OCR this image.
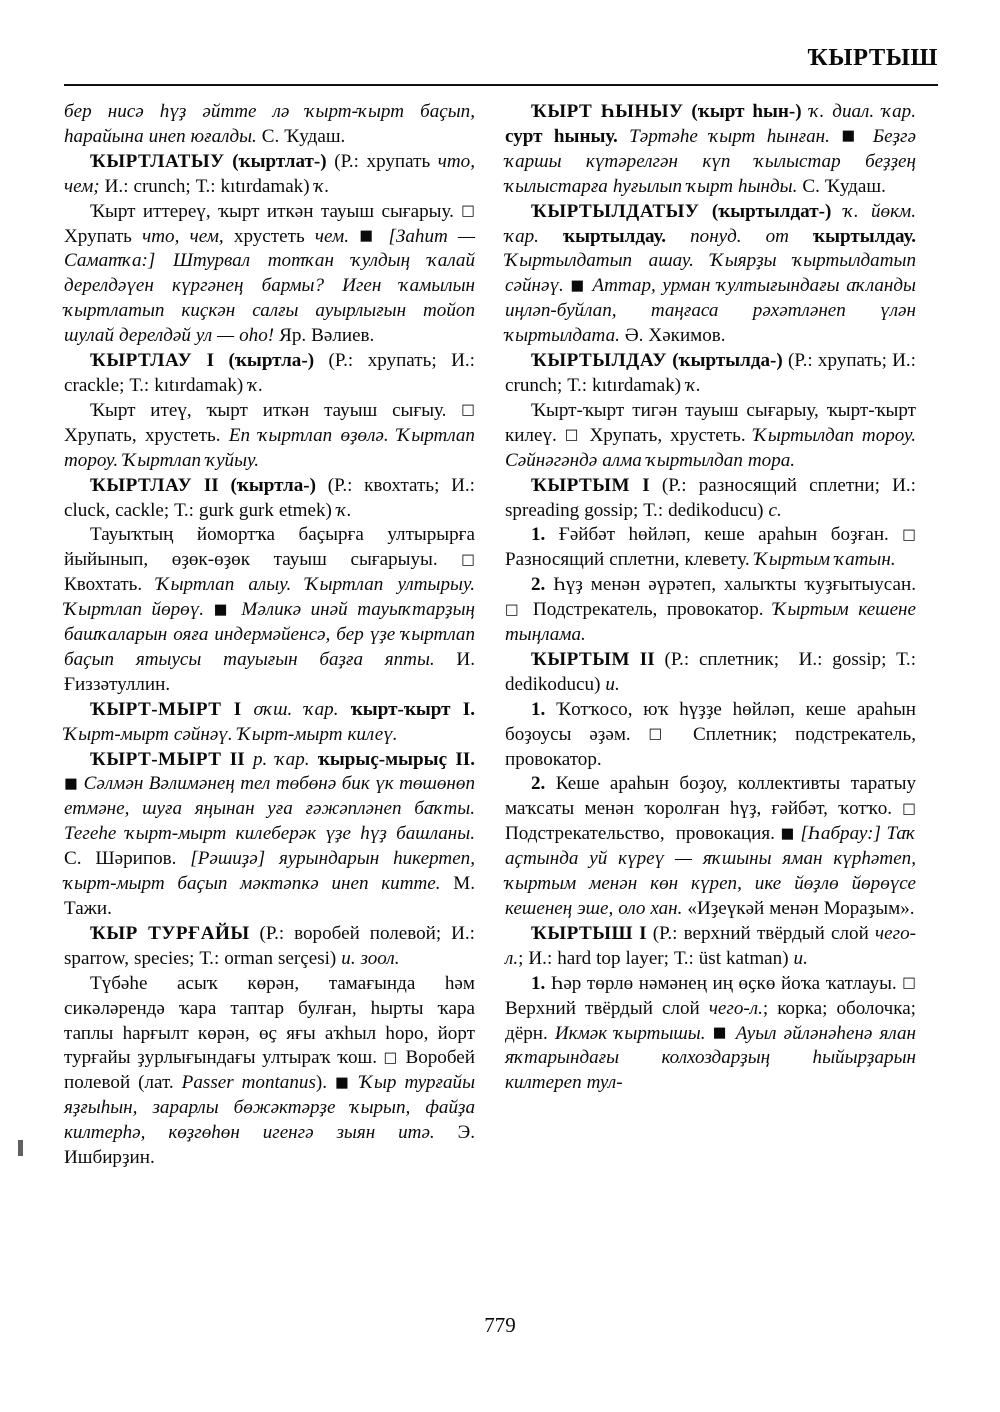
ҠЫРТЫШ

бер нисә һүҙ әйтте лә ҡырт-ҡырт баҫып, һарайына инеп юғалды. С. Ҡудаш.

ҠЫРТЛАТЫУ (ҡыртлат-) (Р.: хрупать что, чем; И.: crunch; Т.: kıtırdamak) ҡ.

Ҡырт иттереү, ҡырт иткән тауыш сығарыу. □ Хрупать что, чем, хрустеть чем. ■ [Заһит — Саматҡа:] Штурвал тотҡан ҡулдың ҡалай дерелдәүен күргәнең бармы? Иген ҡамылын ҡыртлатып киҫкән салғы ауырлығын тойоп шулай дерелдәй ул — оһо! Яр. Вәлиев.

ҠЫРТЛАУ I (ҡыртла-) (Р.: хрупать; И.: crackle; Т.: kıtırdamak) ҡ.

Ҡырт итеү, ҡырт иткән тауыш сығыу. □ Хрупать, хрустеть. Еп ҡыртлап өҙөлә. Ҡыртлап тороу. Ҡыртлап ҡуйыу.

ҠЫРТЛАУ II (ҡыртла-) (Р.: квохтать; И.: cluck, cackle; Т.: gurk gurk etmek) ҡ.

Тауыҡтың йомортҡа баҫырға ултырырға йыйынып, өҙөк-өҙөк тауыш сығарыуы. □ Квохтать. Ҡыртлап алыу. Ҡыртлап ултырыу. Ҡыртлап йөрөү. ■ Мәликә инәй тауыҡтарҙың башҡаларын ояға индермәйенсә, бер үҙе ҡыртлап баҫып ятыусы тауығын баҙға япты. И. Ғиззәтуллин.

ҠЫРТ-МЫРТ I оҡш. ҡар. ҡырт-ҡырт I. Ҡырт-мырт сәйнәү. Ҡырт-мырт килеү.

ҠЫРТ-МЫРТ II р. ҡар. ҡырыҫ-мырыҫ II. ■ Сәлмән Вәлимәнең тел төбөнә бик үк төшөнөп етмәне, шуға яңынан уға ғәжәпләнеп баҡты. Тегеһе ҡырт-мырт килеберәк үҙе һүҙ башланы. С. Шәрипов. [Рәшиҙә] яурындарын һикертеп, ҡырт-мырт баҫып мәктәпкә инеп китте. М. Тажи.

ҠЫР ТУРҒАЙЫ (Р.: воробей полевой; И.: sparrow, species; Т.: orman serçesi) и. зоол.

Түбәһе асыҡ көрән, тамағында һәм сикәләрендә ҡара таптар булған, һырты ҡара таплы һарғылт көрән, өҫ яғы аҡһыл һоро, йорт турғайы ҙурлығындағы ултыраҡ ҡош. □ Воробей полевой (лат. Passer montanus). ■ Ҡыр турғайы яҙғыһын, зарарлы бөжәктәрҙе ҡырып, файҙа килтерһә, көҙгөһөн игенгә зыян итә. Э. Ишбирҙин.

ҠЫРТ ҺЫНЫУ (ҡырт һын-) ҡ. диал. ҡар. сурт һыныу. Тәртәһе ҡырт һынған. ■ Беҙгә ҡаршы күтәрелгән күп ҡылыстар беҙҙең ҡылыстарға һуғылып ҡырт һынды. С. Ҡудаш.

ҠЫРТЫЛДАТЫУ (ҡыртылдат-) ҡ. йөкм. ҡар. ҡыртылдау. понуд. от ҡыртылдау. Ҡыртылдатып ашау. Ҡыярҙы ҡыртылдатып сәйнәү. ■ Аттар, урман ҡултығындағы аҡланды иңләп-буйлап, таңғаса рәхәтләнеп үлән ҡыртылдата. Ә. Хәкимов.

ҠЫРТЫЛДАУ (ҡыртылда-) (Р.: хрупать; И.: crunch; Т.: kıtırdamak) ҡ.

Ҡырт-ҡырт тигән тауыш сығарыу, ҡырт-ҡырт килеү. □ Хрупать, хрустеть. Ҡыртылдап тороу. Сәйнәгәндә алма ҡыртылдап тора.

ҠЫРТЫМ I (Р.: разносящий сплетни; И.: spreading gossip; Т.: dedikoducu) с.

1. Ғәйбәт һөйләп, кеше араһын боҙған. □ Разносящий сплетни, клевету. Ҡыртым ҡатын.

2. Һүҙ менән әүрәтеп, халыҡты ҡуҙғытыусан. □ Подстрекатель, провокатор. Ҡыртым кешене тыңлама.

ҠЫРТЫМ II (Р.: сплетник;  И.: gossip; Т.: dedikoducu) и.

1. Ҡотҡосо, юҡ һүҙҙе һөйләп, кеше араһын боҙоусы әҙәм. □ Сплетник; подстрекатель, провокатор.

2. Кеше араһын боҙоу, коллективты таратыу маҡсаты менән ҡоролған һүҙ, ғәйбәт, ҡотҡо. □ Подстрекательство,  провокация. ■ [Һабрау:] Таҡ аҫтында уй күреү — яҡшыны яман күрһәтеп, ҡыртым менән көн күреп, ике йөҙлө йөрөүсе кешенең эше, оло хан. «Иҙеүкәй менән Мораҙым».

ҠЫРТЫШ I (Р.: верхний твёрдый слой чего-л.; И.: hard top layer; Т.: üst katman) и.

1. Һәр төрлө нәмәнең иң өҫкө йоҡа ҡатлауы. □ Верхний твёрдый слой чего-л.; корка; оболочка; дёрн. Икмәк ҡыртышы. ■ Ауыл әйләнәһенә ялан яҡтарындағы колхоздарҙың һыйырҙарын килтереп тул-

779
